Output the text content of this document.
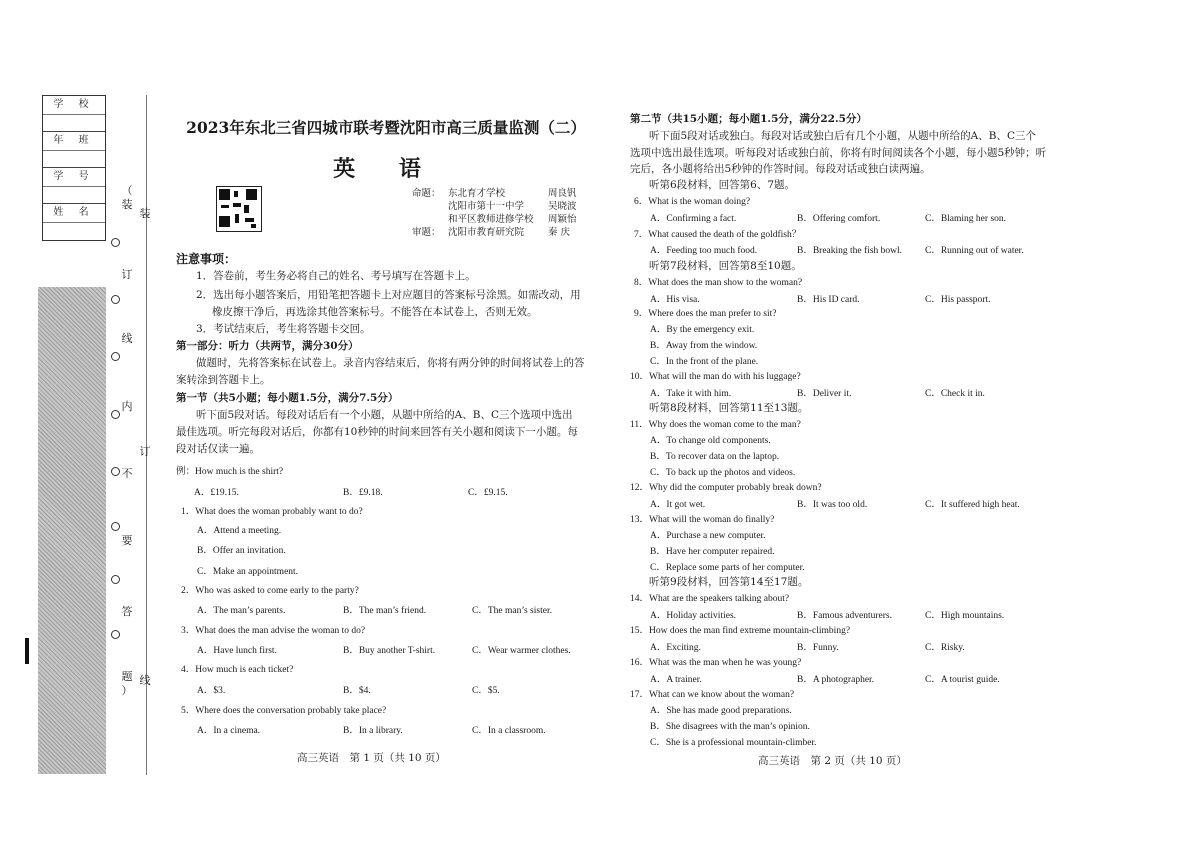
学 校
年 班
学 号
姓 名
（
装
订
线
内
不
要
答
题
）
装
订
线
2023年东北三省四城市联考暨沈阳市高三质量监测（二）
英 语
命题： 东北育才学校	周良钒
沈阳市第十一中学	吴晓波
和平区教师进修学校 周颖怡
审题： 沈阳市教育研究院	秦 庆
注意事项：
1．答卷前，考生务必将自己的姓名、考号填写在答题卡上。
2．选出每小题答案后，用铅笔把答题卡上对应题目的答案标号涂黑。如需改动，用
橡皮擦干净后，再选涂其他答案标号。不能答在本试卷上，否则无效。
3．考试结束后，考生将答题卡交回。
第一部分：听力（共两节，满分30分）
做题时，先将答案标在试卷上。录音内容结束后，你将有两分钟的时间将试卷上的答
案转涂到答题卡上。
第一节（共5小题；每小题1.5分，满分7.5分）
听下面5段对话。每段对话后有一个小题，从题中所给的A、B、C三个选项中选出
最佳选项。听完每段对话后，你都有10秒钟的时间来回答有关小题和阅读下一小题。每
段对话仅读一遍。
例：How much is the shirt?
A．£19.15.	B．£9.18.	C．£9.15.
1．What does the woman probably want to do?
A．Attend a meeting.
B．Offer an invitation.
C．Make an appointment.
2．Who was asked to come early to the party?
A．The man’s parents.	B．The man’s friend.	C．The man’s sister.
3．What does the man advise the woman to do?
A．Have lunch first.	B．Buy another T-shirt.	C．Wear warmer clothes.
4．How much is each ticket?
A．$3.	B．$4.	C．$5.
5．Where does the conversation probably take place?
A．In a cinema.	B．In a library.	C．In a classroom.
高三英语　第 1 页（共 10 页）
第二节（共15小题；每小题1.5分，满分22.5分）
听下面5段对话或独白。每段对话或独白后有几个小题，从题中所给的A、B、C三个
选项中选出最佳选项。听每段对话或独白前，你将有时间阅读各个小题，每小题5秒钟；听
完后，各小题将给出5秒钟的作答时间。每段对话或独白读两遍。
听第6段材料，回答第6、7题。
6．What is the woman doing?
A．Confirming a fact.	B．Offering comfort.	C．Blaming her son.
7．What caused the death of the goldfish？
A．Feeding too much food.	B．Breaking the fish bowl. C．Running out of water.
听第7段材料，回答第8至10题。
8．What does the man show to the woman?
A．His visa.	B．His ID card.	C．His passport.
9．Where does the man prefer to sit?
A．By the emergency exit.
B．Away from the window.
C．In the front of the plane.
10．What will the man do with his luggage?
A．Take it with him.	B．Deliver it.	C．Check it in.
听第8段材料，回答第11至13题。
11．Why does the woman come to the man?
A．To change old components.
B．To recover data on the laptop.
C．To back up the photos and videos.
12．Why did the computer probably break down?
A．It got wet.	B．It was too old.	C．It suffered high heat.
13．What will the woman do finally?
A．Purchase a new computer.
B．Have her computer repaired.
C．Replace some parts of her computer.
听第9段材料，回答第14至17题。
14．What are the speakers talking about?
A．Holiday activities.	B．Famous adventurers.	C．High mountains.
15．How does the man find extreme mountain-climbing?
A．Exciting.	B．Funny.	C．Risky.
16．What was the man when he was young?
A．A trainer.	B．A photographer.	C．A tourist guide.
17．What can we know about the woman?
A．She has made good preparations.
B．She disagrees with the man’s opinion.
C．She is a professional mountain-climber.
高三英语　第 2 页（共 10 页）
